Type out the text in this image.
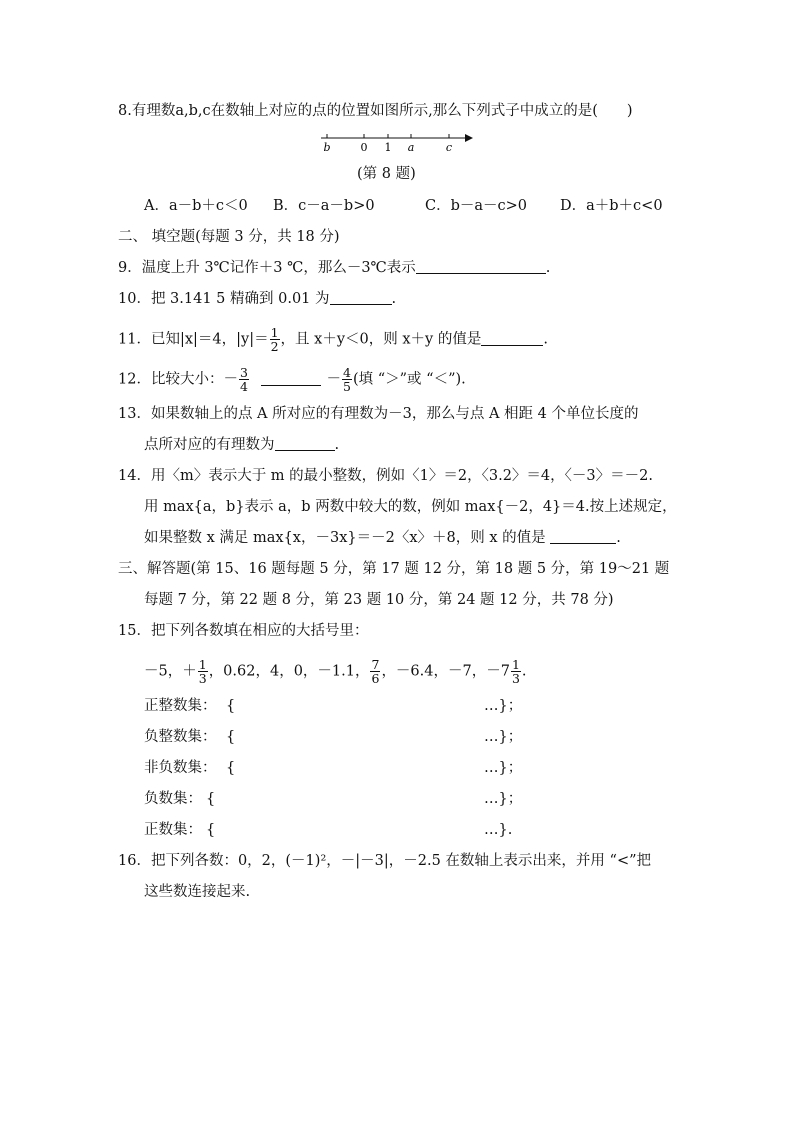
8.有理数a,b,c在数轴上对应的点的位置如图所示,那么下列式子中成立的是(　　)
b	0 1 a	c
(第 8 题)
A．a－b＋c＜0 B．c－a－b>0	C．b－a－c>0 D．a＋b＋c<0
二、 填空题(每题 3 分，共 18 分)
9．温度上升 3℃记作＋3 ℃，那么－3℃表示	.
10．把 3.141 5 精确到 0.01 为	.
11．已知|x|＝4，$|y|= \frac{1}{2}$ ，且 x＋y＜0，则 x＋y 的值是	.
12．比较大小：－ $\frac{3}{4}$	－ $\frac{4}{5}$ (填 “＞”或 “＜”).
13．如果数轴上的点 A 所对应的有理数为－3，那么与点 A 相距 4 个单位长度的
点所对应的有理数为	.
14．用〈m〉表示大于 m 的最小整数，例如〈1〉＝2，〈3.2〉＝4，〈－3〉＝－2.
用 max{a，b}表示 a，b 两数中较大的数，例如 max{－2，4}＝4.按上述规定，
如果整数 x 满足 max{x，－3x}＝－2〈x〉＋8，则 x 的值是	.
三、解答题(第 15、16 题每题 5 分，第 17 题 12 分，第 18 题 5 分，第 19～21 题
每题 7 分，第 22 题 8 分，第 23 题 10 分，第 24 题 12 分，共 78 分)
15．把下列各数填在相应的大括号里：
－5，＋ $\frac{1}{3}$ ，0.62，4，0，－1.1， $\frac{7}{6}$ ，－6.4，－7，$-7 \frac{1}{3}$ .
正整数集： {	…}；
负整数集： {	…}；
非负数集： {	…}；
负数集： {	…}；
正数集： {	…}.
16．把下列各数：0，2，(－1)²，－|－3|，－2.5 在数轴上表示出来，并用 “<”把
这些数连接起来.
